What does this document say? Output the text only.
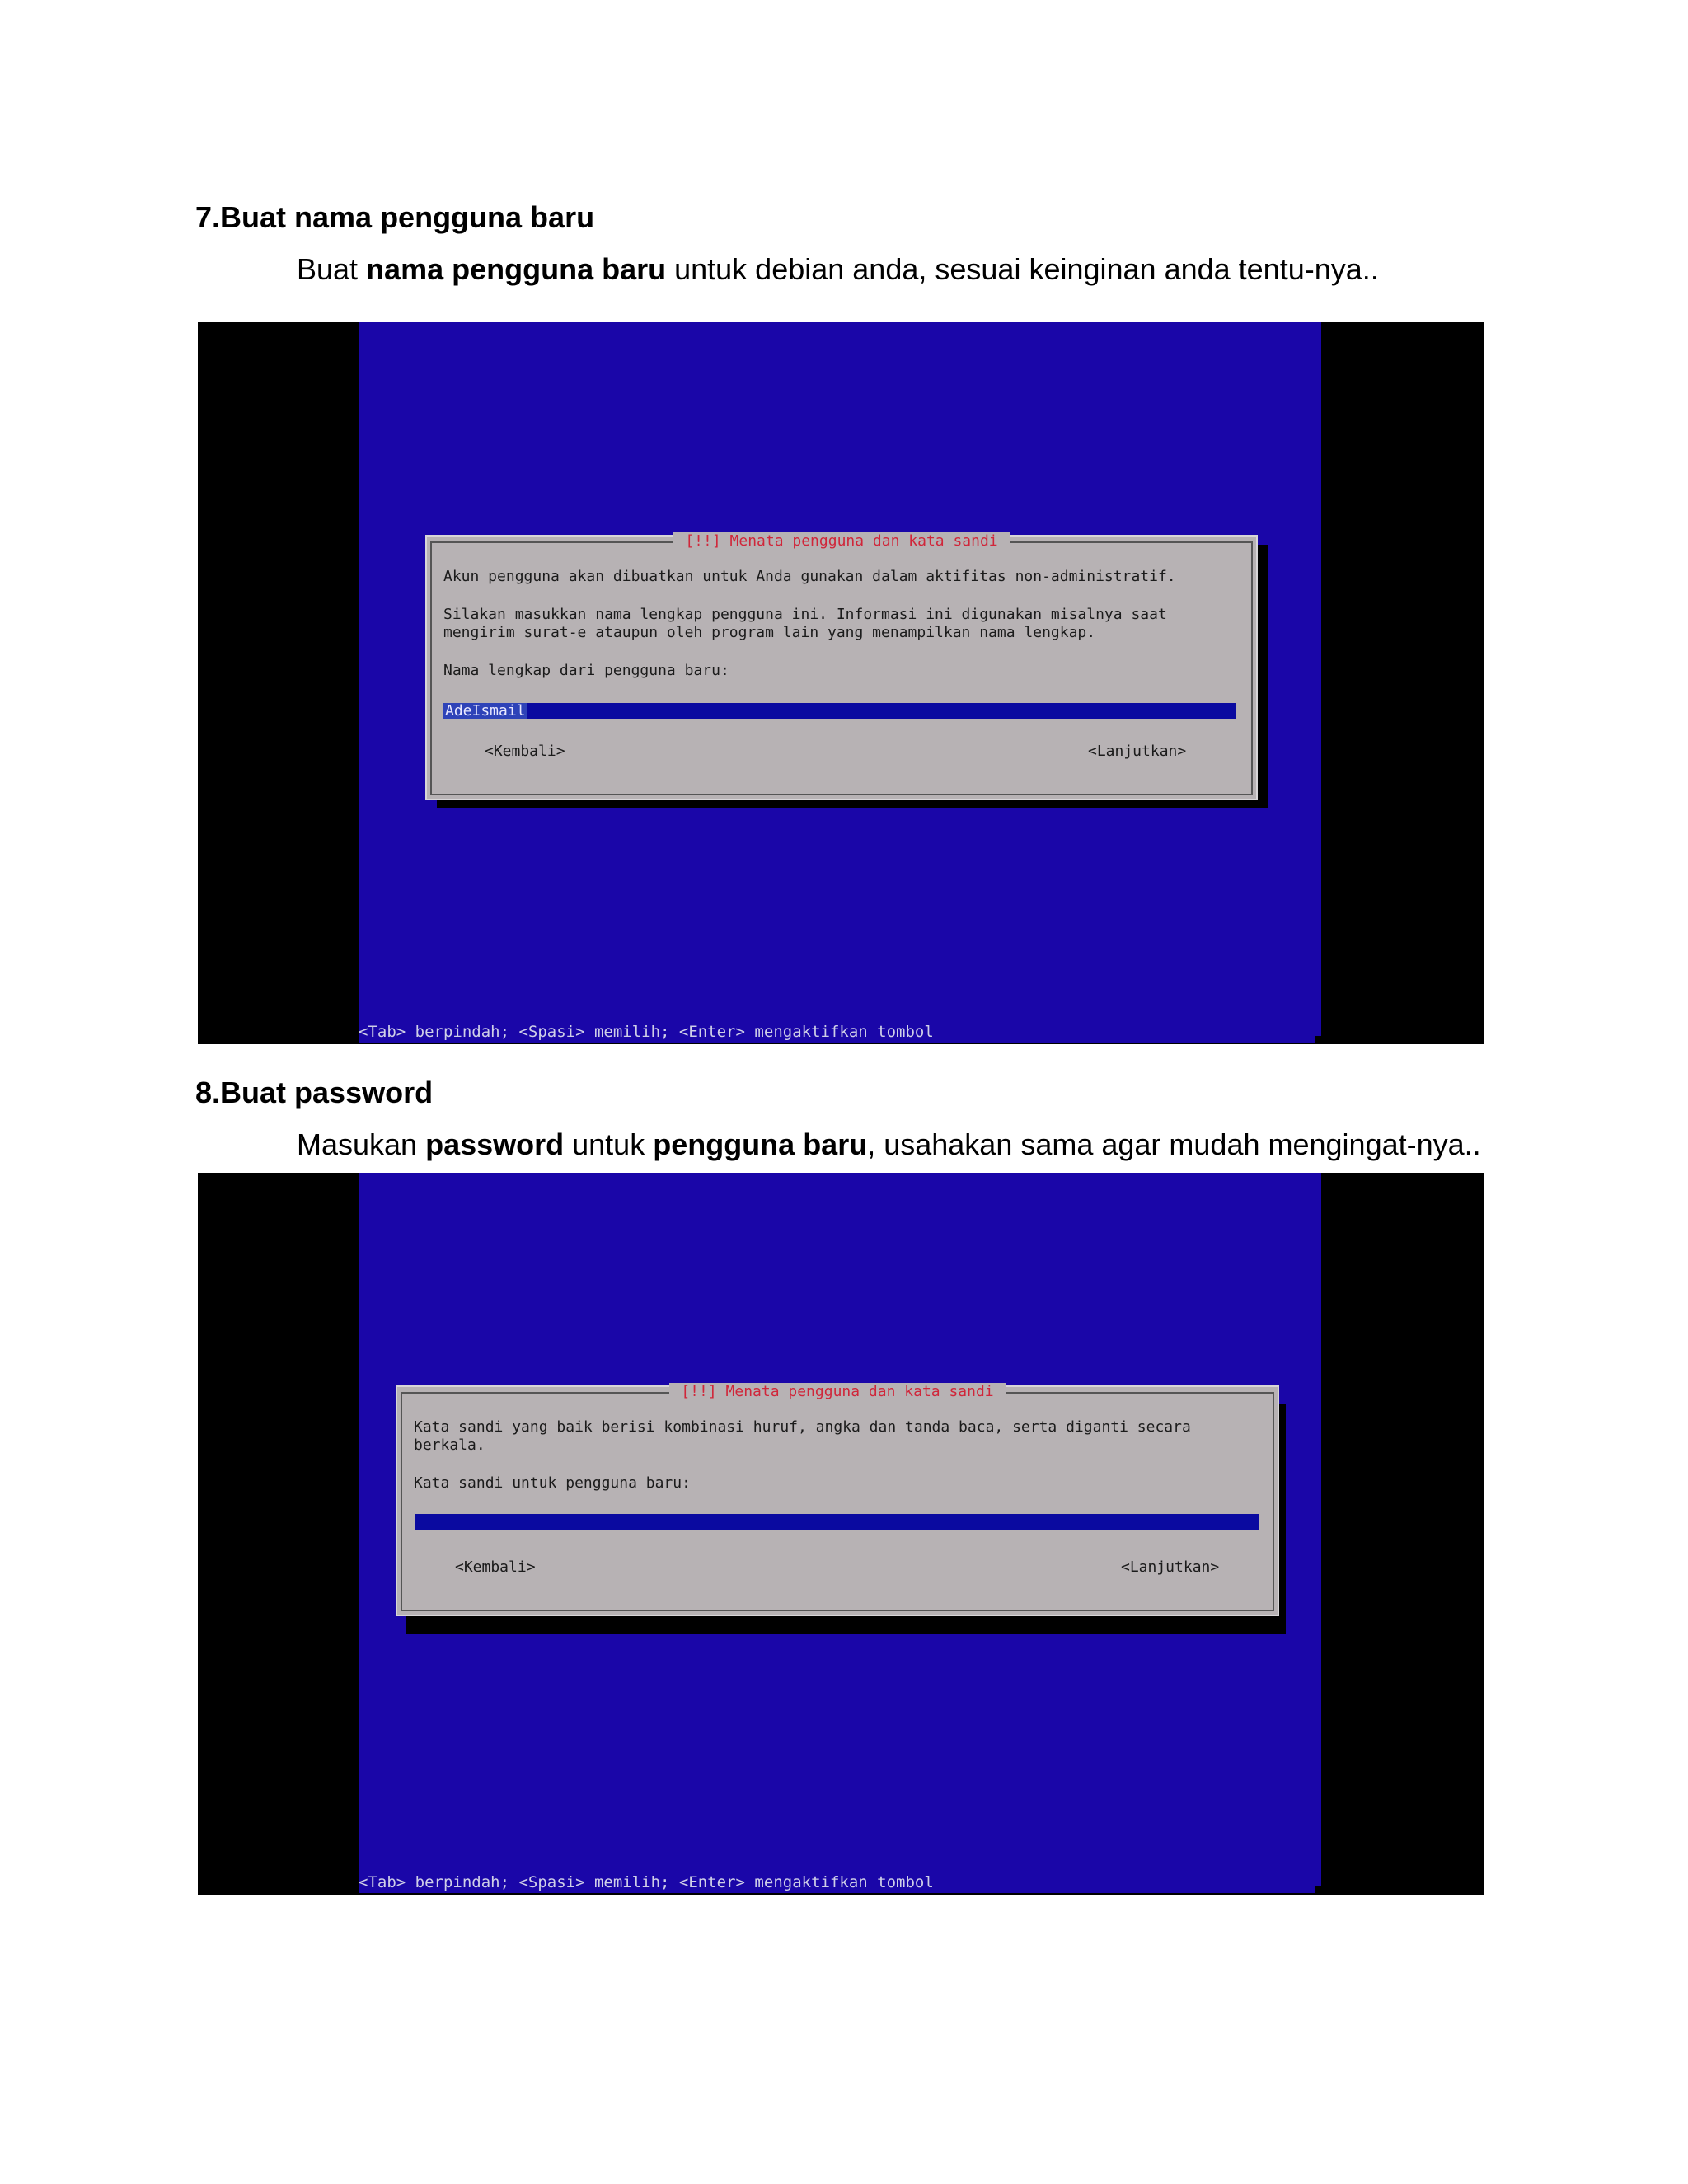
7.Buat nama pengguna baru

Buat nama pengguna baru untuk debian anda, sesuai keinginan anda tentu-nya..

[!!] Menata pengguna dan kata sandi
Akun pengguna akan dibuatkan untuk Anda gunakan dalam aktifitas non-administratif.
Silakan masukkan nama lengkap pengguna ini. Informasi ini digunakan misalnya saat
mengirim surat-e ataupun oleh program lain yang menampilkan nama lengkap.
Nama lengkap dari pengguna baru:
AdeIsmail
<Kembali>	<Lanjutkan>
<Tab> berpindah; <Spasi> memilih; <Enter> mengaktifkan tombol
8.Buat password

Masukan password untuk pengguna baru, usahakan sama agar mudah mengingat-nya..

[!!] Menata pengguna dan kata sandi
Kata sandi yang baik berisi kombinasi huruf, angka dan tanda baca, serta diganti secara
berkala.
Kata sandi untuk pengguna baru:
<Kembali>	<Lanjutkan>
<Tab> berpindah; <Spasi> memilih; <Enter> mengaktifkan tombol
